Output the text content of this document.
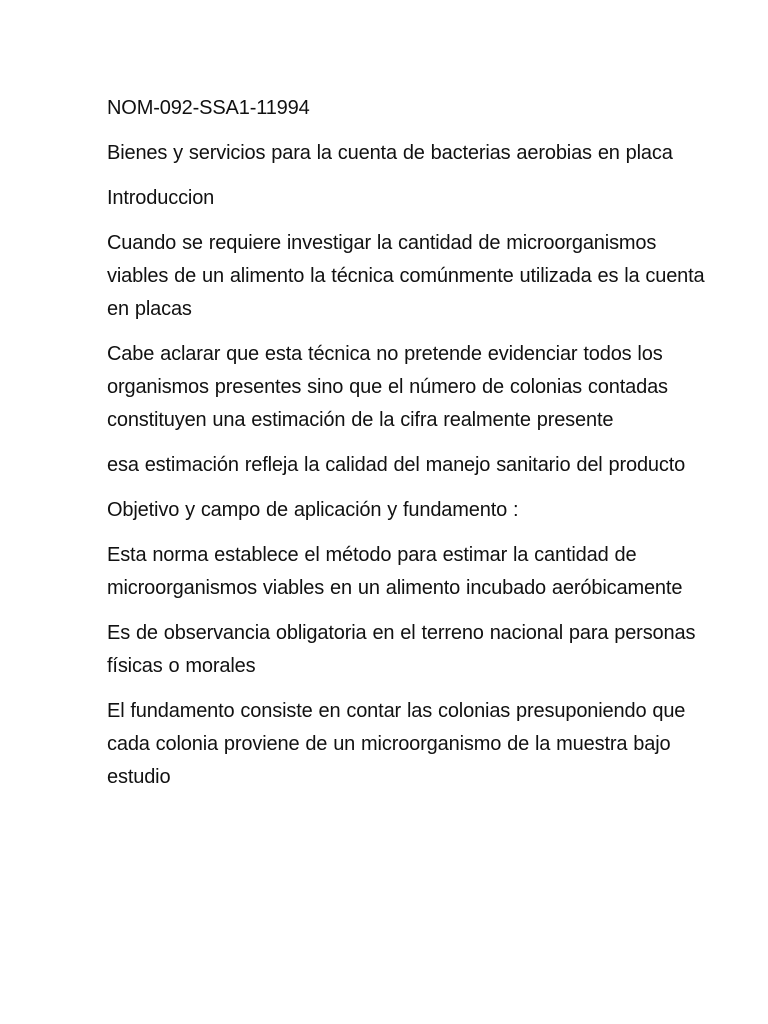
NOM-092-SSA1-11994

Bienes y servicios para la cuenta de bacterias aerobias en placa

Introduccion

Cuando se requiere investigar la cantidad de microorganismos viables de un alimento la técnica comúnmente utilizada es la cuenta en placas

Cabe aclarar que esta técnica no pretende evidenciar todos los organismos presentes sino que el número de colonias contadas constituyen una estimación de la cifra realmente presente

esa estimación refleja la calidad del manejo sanitario del producto

Objetivo y campo de aplicación y fundamento :

Esta norma establece el método para estimar la cantidad de microorganismos viables en un alimento incubado aeróbicamente

Es de observancia obligatoria en el terreno nacional para personas físicas o morales

El fundamento consiste en contar las colonias presuponiendo que cada colonia proviene de un microorganismo de la muestra bajo estudio
